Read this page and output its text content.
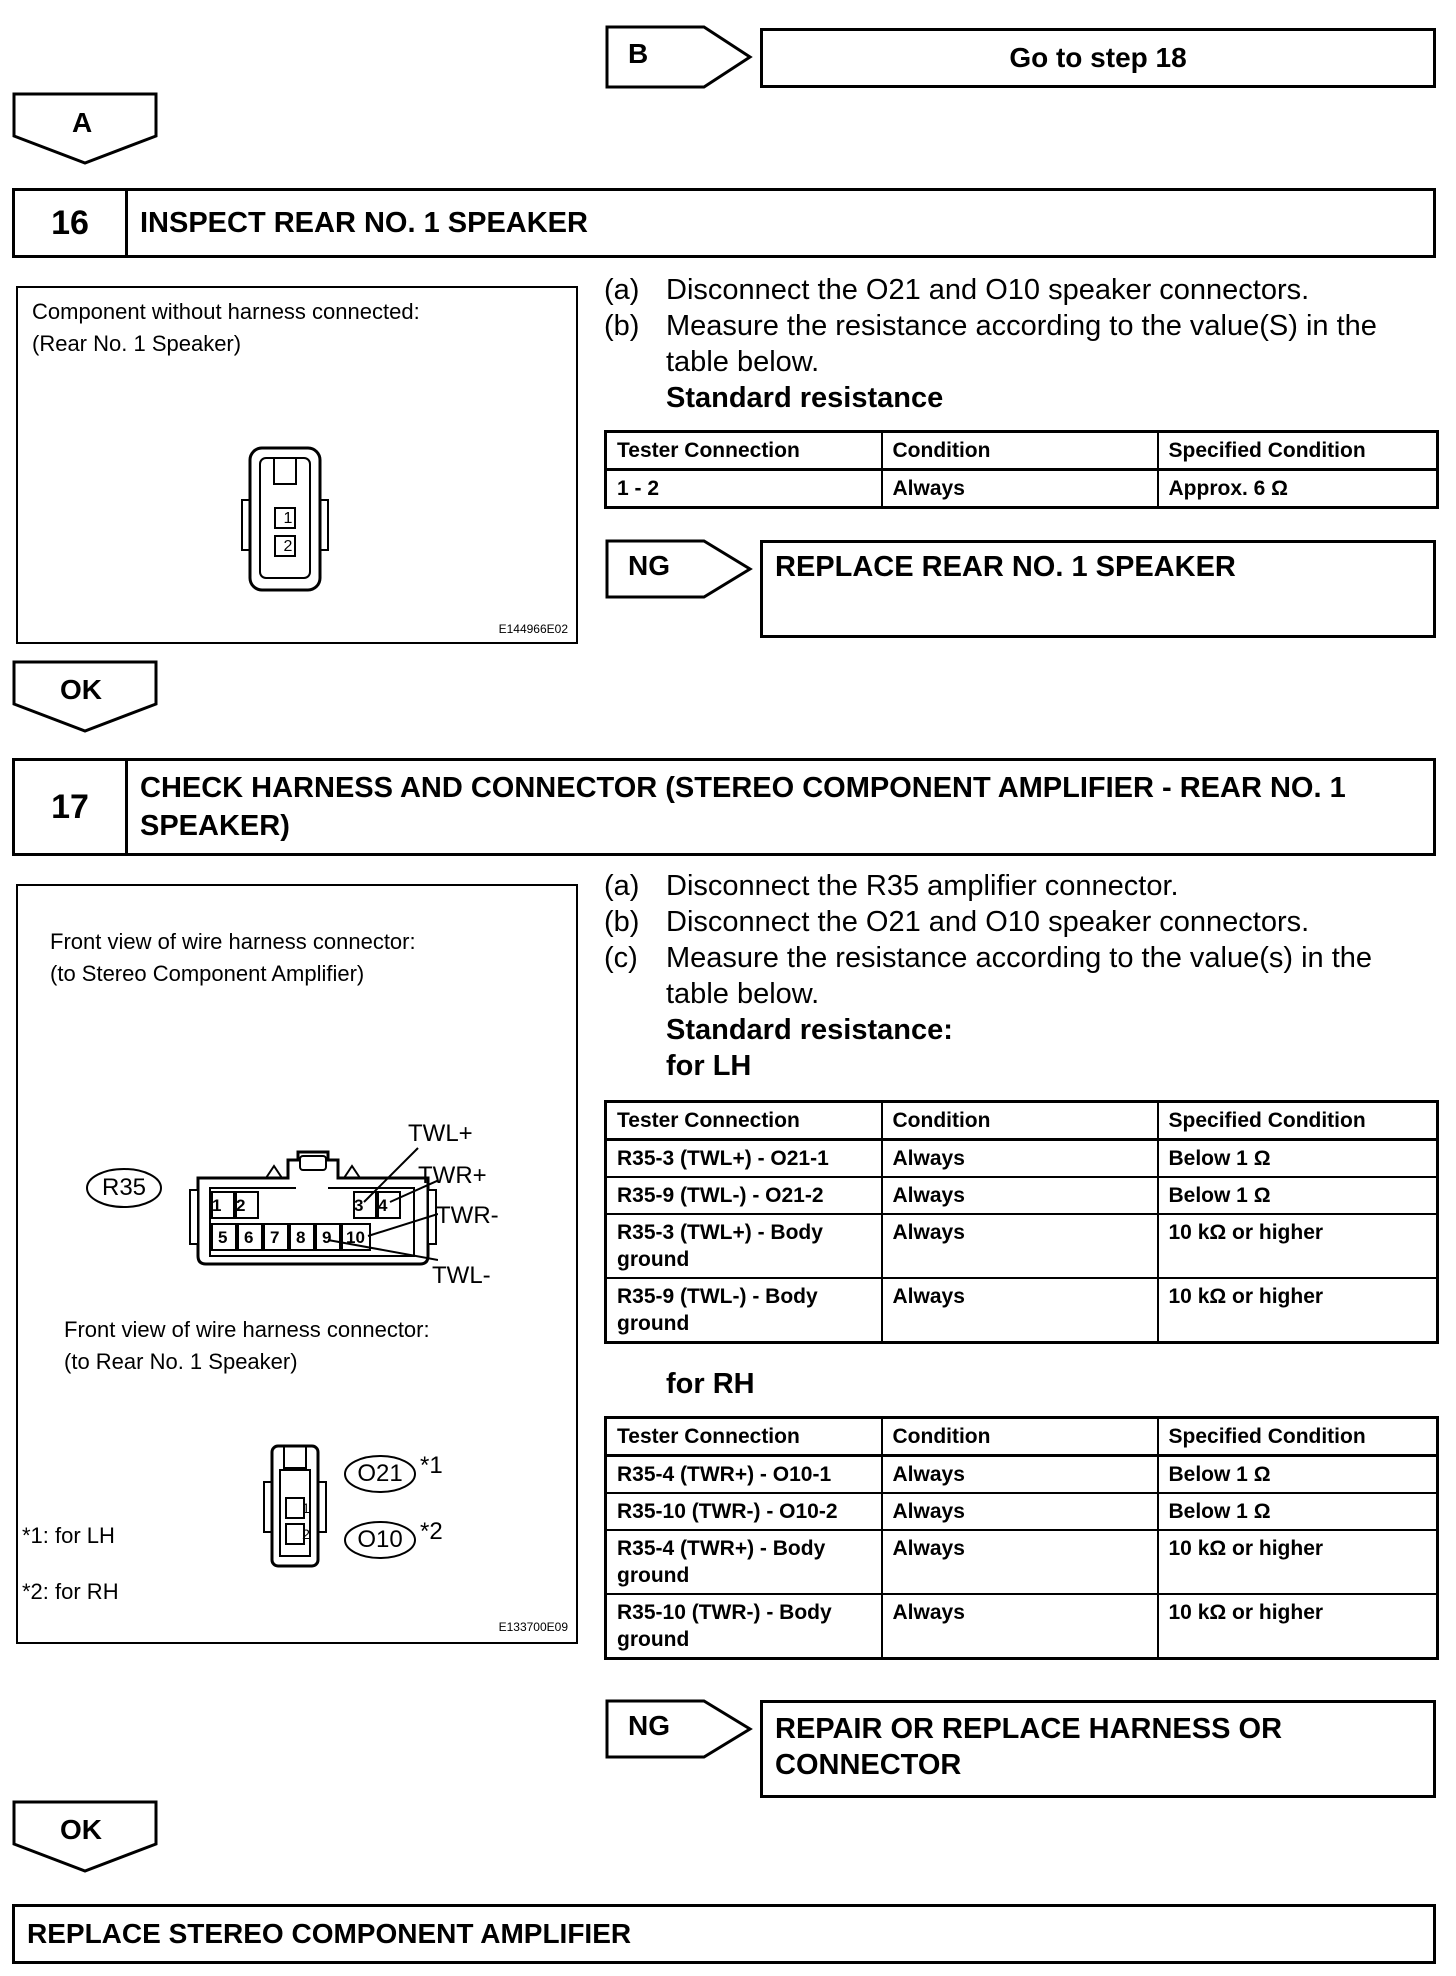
B	Go to step 18
A
16	INSPECT REAR NO. 1 SPEAKER
Component without harness connected:
(Rear No. 1 Speaker)
1
2
E144966E02
(a) Disconnect the O21 and O10 speaker connectors.
(b) Measure the resistance according to the value(S) in the table below.
Standard resistance
Tester Connection	Condition	Specified Condition
1 - 2	Always	Approx. 6 Ω
NG	REPLACE REAR NO. 1 SPEAKER
OK
17	CHECK HARNESS AND CONNECTOR (STEREO COMPONENT AMPLIFIER - REAR NO. 1 SPEAKER)
Front view of wire harness connector:
(to Stereo Component Amplifier)
R35
1 2	3 4
5 6 7 8 9 10
TWL+
TWR+
TWR-
TWL-
Front view of wire harness connector:
(to Rear No. 1 Speaker)
1
2
O21 *1
O10 *2
*1: for LH
*2: for RH
E133700E09
(a) Disconnect the R35 amplifier connector.
(b) Disconnect the O21 and O10 speaker connectors.
(c) Measure the resistance according to the value(s) in the table below.
Standard resistance:
for LH
Tester Connection	Condition	Specified Condition
R35-3 (TWL+) - O21-1	Always	Below 1 Ω
R35-9 (TWL-) - O21-2	Always	Below 1 Ω
R35-3 (TWL+) - Body ground	Always	10 kΩ or higher
R35-9 (TWL-) - Body ground	Always	10 kΩ or higher
for RH
Tester Connection	Condition	Specified Condition
R35-4 (TWR+) - O10-1	Always	Below 1 Ω
R35-10 (TWR-) - O10-2	Always	Below 1 Ω
R35-4 (TWR+) - Body ground	Always	10 kΩ or higher
R35-10 (TWR-) - Body ground	Always	10 kΩ or higher
NG	REPAIR OR REPLACE HARNESS OR
CONNECTOR
OK
REPLACE STEREO COMPONENT AMPLIFIER
